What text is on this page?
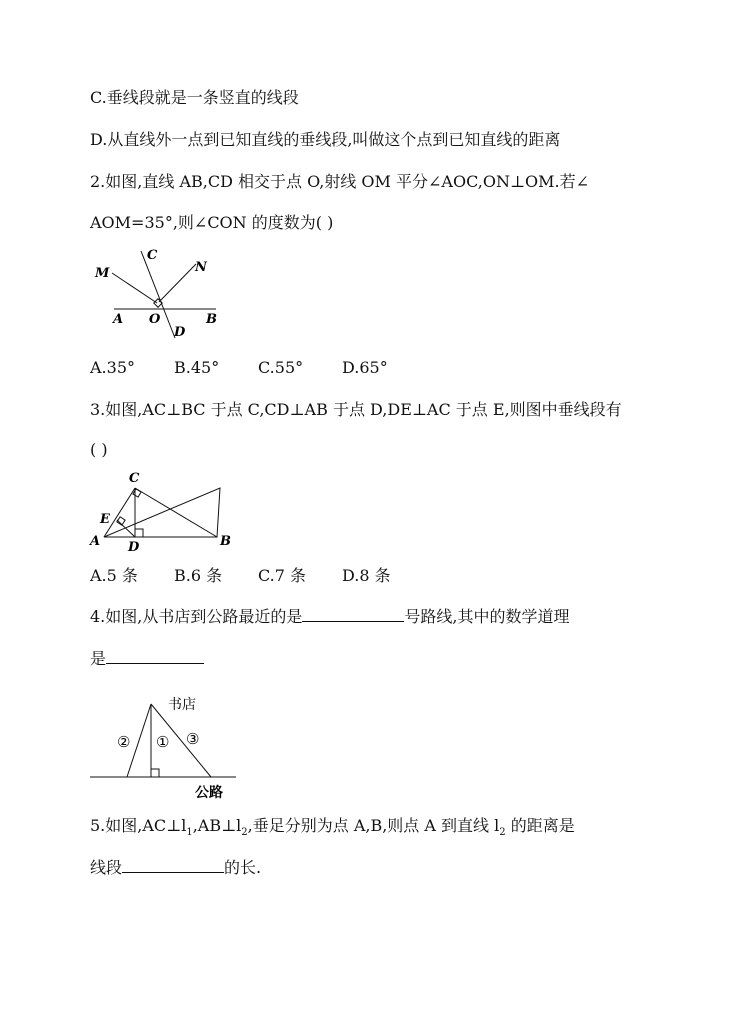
C.垂线段就是一条竖直的线段
D.从直线外一点到已知直线的垂线段,叫做这个点到已知直线的距离
2.如图,直线 AB,CD 相交于点 O,射线 OM 平分∠AOC,ON⊥OM.若∠
AOM=35°,则∠CON 的度数为( )
M
C
N
A O
D
B
A.35° B.45° C.55° D.65°
3.如图,AC⊥BC 于点 C,CD⊥AB 于点 D,DE⊥AC 于点 E,则图中垂线段有
( )
C
E
A D	B
A.5 条 B.6 条 C.7 条 D.8 条
4.如图,从书店到公路最近的是	号路线,其中的数学道理
是
书店
①
②	③
公路
5.如图$,AC\perp l_1,AB\perp l_2$,垂足分别为点 A,B,则点 A 到直线 $l_2$ 的距离是
线段	的长.
